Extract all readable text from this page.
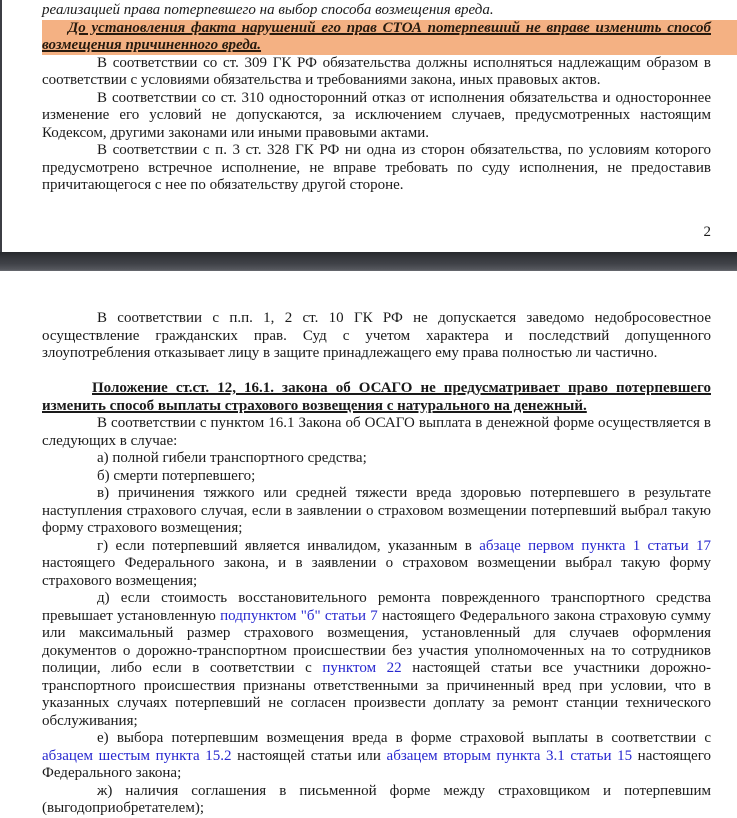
реализацией права потерпевшего на выбор способа возмещения вреда.

До установления факта нарушений его прав СТОА потерпевший не вправе изменить способ возмещения причиненного вреда.

В соответствии со ст. 309 ГК РФ обязательства должны исполняться надлежащим образом в соответствии с условиями обязательства и требованиями закона, иных правовых актов.

В соответствии со ст. 310 односторонний отказ от исполнения обязательства и одностороннее изменение его условий не допускаются, за исключением случаев, предусмотренных настоящим Кодексом, другими законами или иными правовыми актами.

В соответствии с п. 3 ст. 328 ГК РФ ни одна из сторон обязательства, по условиям которого предусмотрено встречное исполнение, не вправе требовать по суду исполнения, не предоставив причитающегося с нее по обязательству другой стороне.

2

В соответствии с п.п. 1, 2 ст. 10 ГК РФ не допускается заведомо недобросовестное осуществление гражданских прав. Суд с учетом характера и последствий допущенного злоупотребления отказывает лицу в защите принадлежащего ему права полностью ли частично.

Положение ст.ст. 12, 16.1. закона об ОСАГО не предусматривает право потерпевшего изменить способ выплаты страхового возвещения с натурального на денежный.

В соответствии с пунктом 16.1 Закона об ОСАГО выплата в денежной форме осуществляется в следующих в случае:

а) полной гибели транспортного средства;

б) смерти потерпевшего;

в) причинения тяжкого или средней тяжести вреда здоровью потерпевшего в результате наступления страхового случая, если в заявлении о страховом возмещении потерпевший выбрал такую форму страхового возмещения;

г) если потерпевший является инвалидом, указанным в абзаце первом пункта 1 статьи 17 настоящего Федерального закона, и в заявлении о страховом возмещении выбрал такую форму страхового возмещения;

д) если стоимость восстановительного ремонта поврежденного транспортного средства превышает установленную подпунктом "б" статьи 7 настоящего Федерального закона страховую сумму или максимальный размер страхового возмещения, установленный для случаев оформления документов о дорожно-транспортном происшествии без участия уполномоченных на то сотрудников полиции, либо если в соответствии с пунктом 22 настоящей статьи все участники дорожно-транспортного происшествия признаны ответственными за причиненный вред при условии, что в указанных случаях потерпевший не согласен произвести доплату за ремонт станции технического обслуживания;

е) выбора потерпевшим возмещения вреда в форме страховой выплаты в соответствии с абзацем шестым пункта 15.2 настоящей статьи или абзацем вторым пункта 3.1 статьи 15 настоящего Федерального закона;

ж) наличия соглашения в письменной форме между страховщиком и потерпевшим (выгодоприобретателем);
